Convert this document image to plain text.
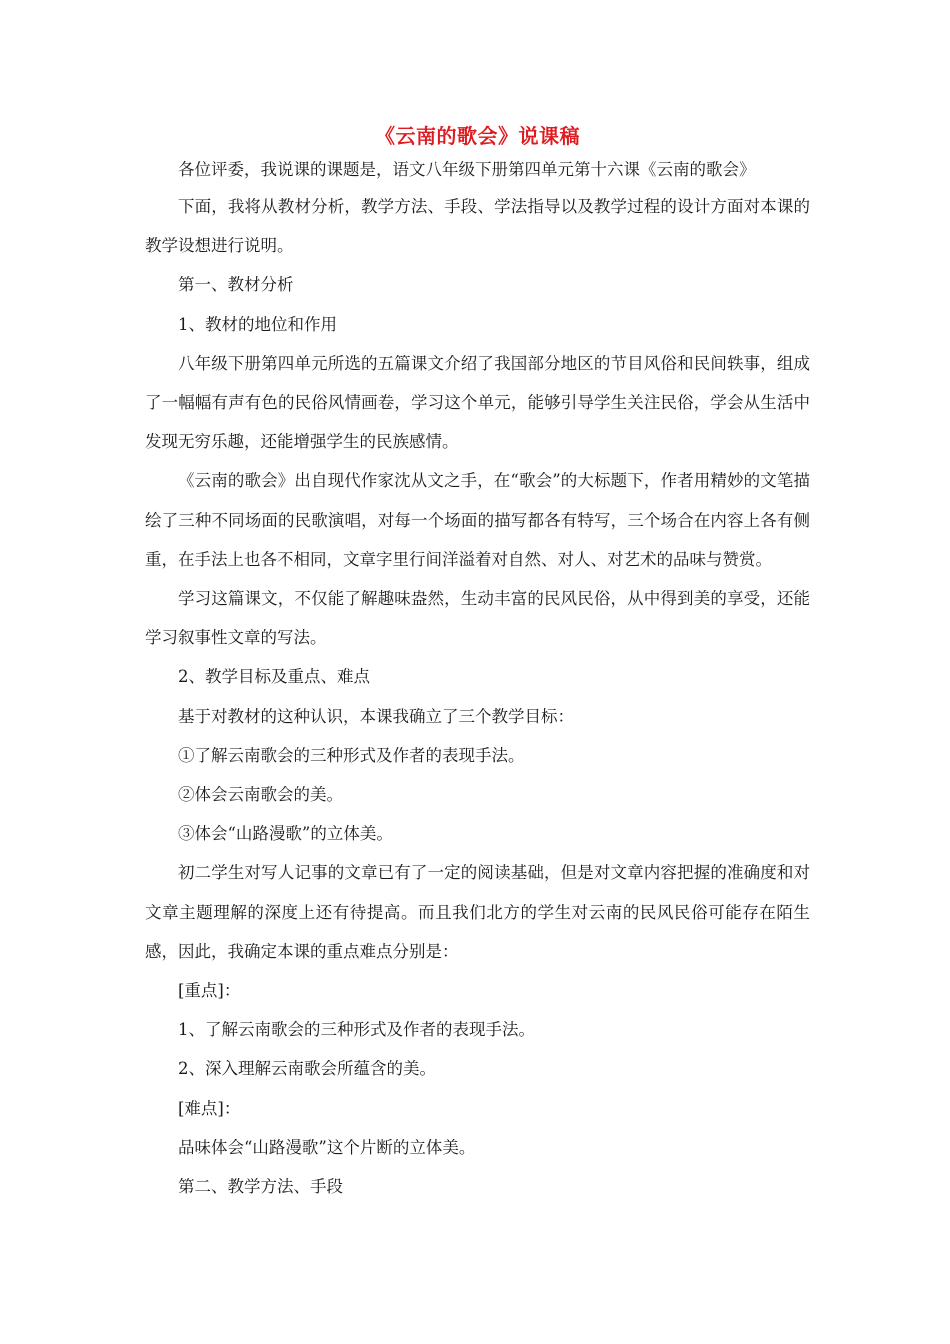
《云南的歌会》说课稿

各位评委，我说课的课题是，语文八年级下册第四单元第十六课《云南的歌会》

下面，我将从教材分析，教学方法、手段、学法指导以及教学过程的设计方面对本课的教学设想进行说明。

第一、教材分析

1、教材的地位和作用

八年级下册第四单元所选的五篇课文介绍了我国部分地区的节目风俗和民间轶事，组成了一幅幅有声有色的民俗风情画卷，学习这个单元，能够引导学生关注民俗，学会从生活中发现无穷乐趣，还能增强学生的民族感情。

《云南的歌会》出自现代作家沈从文之手，在“歌会”的大标题下，作者用精妙的文笔描绘了三种不同场面的民歌演唱，对每一个场面的描写都各有特写，三个场合在内容上各有侧重，在手法上也各不相同，文章字里行间洋溢着对自然、对人、对艺术的品味与赞赏。

学习这篇课文，不仅能了解趣味盎然，生动丰富的民风民俗，从中得到美的享受，还能学习叙事性文章的写法。

2、教学目标及重点、难点

基于对教材的这种认识，本课我确立了三个教学目标：

①了解云南歌会的三种形式及作者的表现手法。

②体会云南歌会的美。

③体会“山路漫歌”的立体美。

初二学生对写人记事的文章已有了一定的阅读基础，但是对文章内容把握的准确度和对文章主题理解的深度上还有待提高。而且我们北方的学生对云南的民风民俗可能存在陌生感，因此，我确定本课的重点难点分别是：

[重点]：

1、了解云南歌会的三种形式及作者的表现手法。

2、深入理解云南歌会所蕴含的美。

[难点]：

品味体会“山路漫歌”这个片断的立体美。

第二、教学方法、手段
